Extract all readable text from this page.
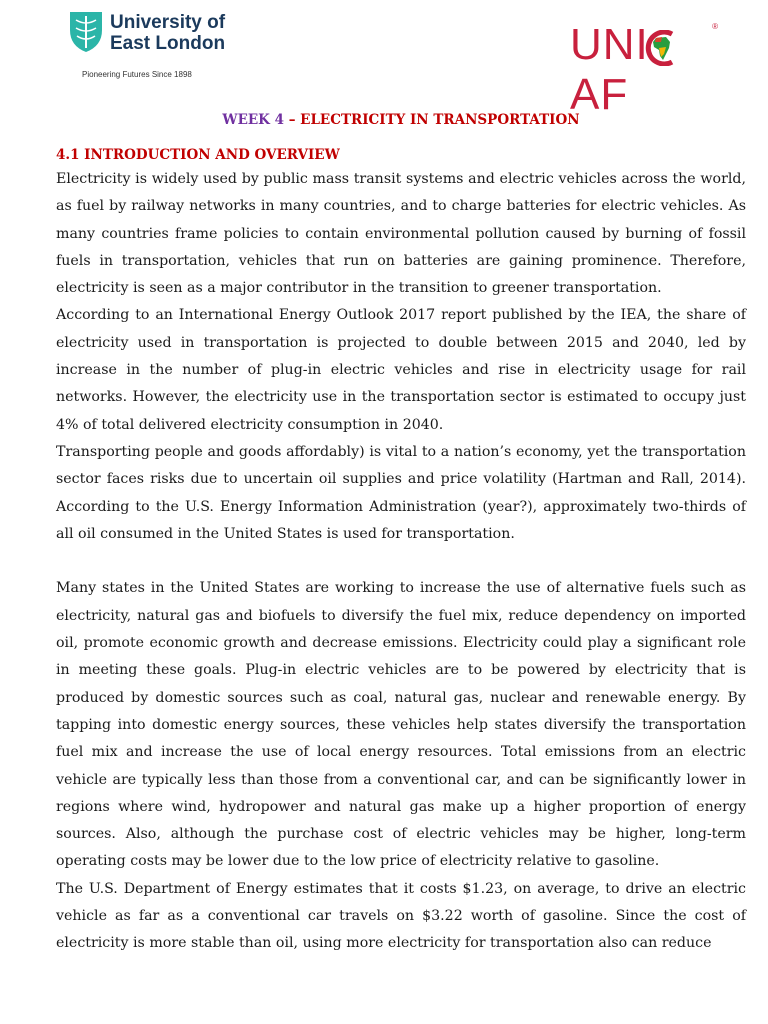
University of
East London
Pioneering Futures Since 1898
UNIAF
®
WEEK 4 – ELECTRICITY IN TRANSPORTATION
4.1 INTRODUCTION AND OVERVIEW

Electricity is widely used by public mass transit systems and electric vehicles across the world, as fuel by railway networks in many countries, and to charge batteries for electric vehicles. As many countries frame policies to contain environmental pollution caused by burning of fossil fuels in transportation, vehicles that run on batteries are gaining prominence. Therefore, electricity is seen as a major contributor in the transition to greener transportation.

According to an International Energy Outlook 2017 report published by the IEA, the share of electricity used in transportation is projected to double between 2015 and 2040, led by increase in the number of plug-in electric vehicles and rise in electricity usage for rail networks. However, the electricity use in the transportation sector is estimated to occupy just 4% of total delivered electricity consumption in 2040.

Transporting people and goods affordably) is vital to a nation’s economy, yet the transportation sector faces risks due to uncertain oil supplies and price volatility (Hartman and Rall, 2014). According to the U.S. Energy Information Administration (year?), approximately two-thirds of all oil consumed in the United States is used for transportation.

Many states in the United States are working to increase the use of alternative fuels such as electricity, natural gas and biofuels to diversify the fuel mix, reduce dependency on imported oil, promote economic growth and decrease emissions. Electricity could play a significant role in meeting these goals. Plug-in electric vehicles are to be powered by electricity that is produced by domestic sources such as coal, natural gas, nuclear and renewable energy. By tapping into domestic energy sources, these vehicles help states diversify the transportation fuel mix and increase the use of local energy resources. Total emissions from an electric vehicle are typically less than those from a conventional car, and can be significantly lower in regions where wind, hydropower and natural gas make up a higher proportion of energy sources. Also, although the purchase cost of electric vehicles may be higher, long-term operating costs may be lower due to the low price of electricity relative to gasoline.

The U.S. Department of Energy estimates that it costs $1.23, on average, to drive an electric vehicle as far as a conventional car travels on $3.22 worth of gasoline. Since the cost of electricity is more stable than oil, using more electricity for transportation also can reduce
